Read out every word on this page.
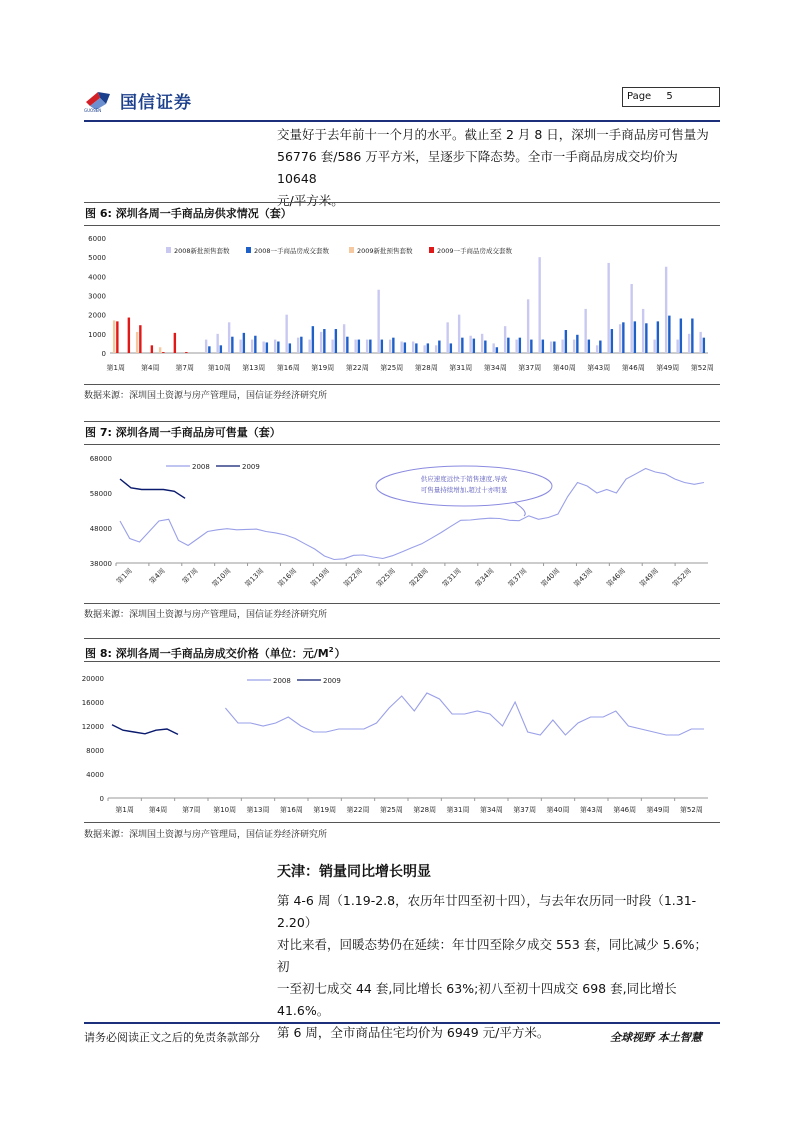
国信证券
GUOSEN
Page 5
交量好于去年前十一个月的水平。截止至 2 月 8 日，深圳一手商品房可售量为
56776 套/586 万平方米，呈逐步下降态势。全市一手商品房成交均价为 10648
元/平方米。
图 6: 深圳各周一手商品房供求情况（套）
0
1000
2000
3000
4000
5000
6000
第1周 第4周 第7周 第10周 第13周 第16周 第19周 第22周 第25周 第28周 第31周 第34周 第37周 第40周 第43周 第46周 第49周 第52周
2008新批预售套数	2008一手商品房成交套数	2009新批预售套数	2009一手商品房成交套数
数据来源：深圳国土资源与房产管理局，国信证券经济研究所
图 7: 深圳各周一手商品房可售量（套）
38000
48000
58000
68000
第1周 第4周 第7周 第10周 第13周 第16周 第19周 第22周 第25周 第28周 第31周 第34周 第37周 第40周 第43周 第46周 第49周 第52周
2008	2009
供应速度远快于销售速度,导致
可售量持续增加,超过十亦明显
数据来源：深圳国土资源与房产管理局，国信证券经济研究所
图 8: 深圳各周一手商品房成交价格（单位：元$/M^2$）
0
4000
8000
12000
16000
20000
第1周 第4周 第7周 第10周 第13周 第16周 第19周 第22周 第25周 第28周 第31周 第34周 第37周 第40周 第43周 第46周 第49周 第52周
2008	2009
数据来源：深圳国土资源与房产管理局，国信证券经济研究所
天津：销量同比增长明显
第 4-6 周（1.19-2.8，农历年廿四至初十四），与去年农历同一时段（1.31-2.20）
对比来看，回暖态势仍在延续：年廿四至除夕成交 553 套，同比减少 5.6%；初
一至初七成交 44 套,同比增长 63%;初八至初十四成交 698 套,同比增长 41.6%。
第 6 周，全市商品住宅均价为 6949 元/平方米。
请务必阅读正文之后的免责条款部分	全球视野 本土智慧
